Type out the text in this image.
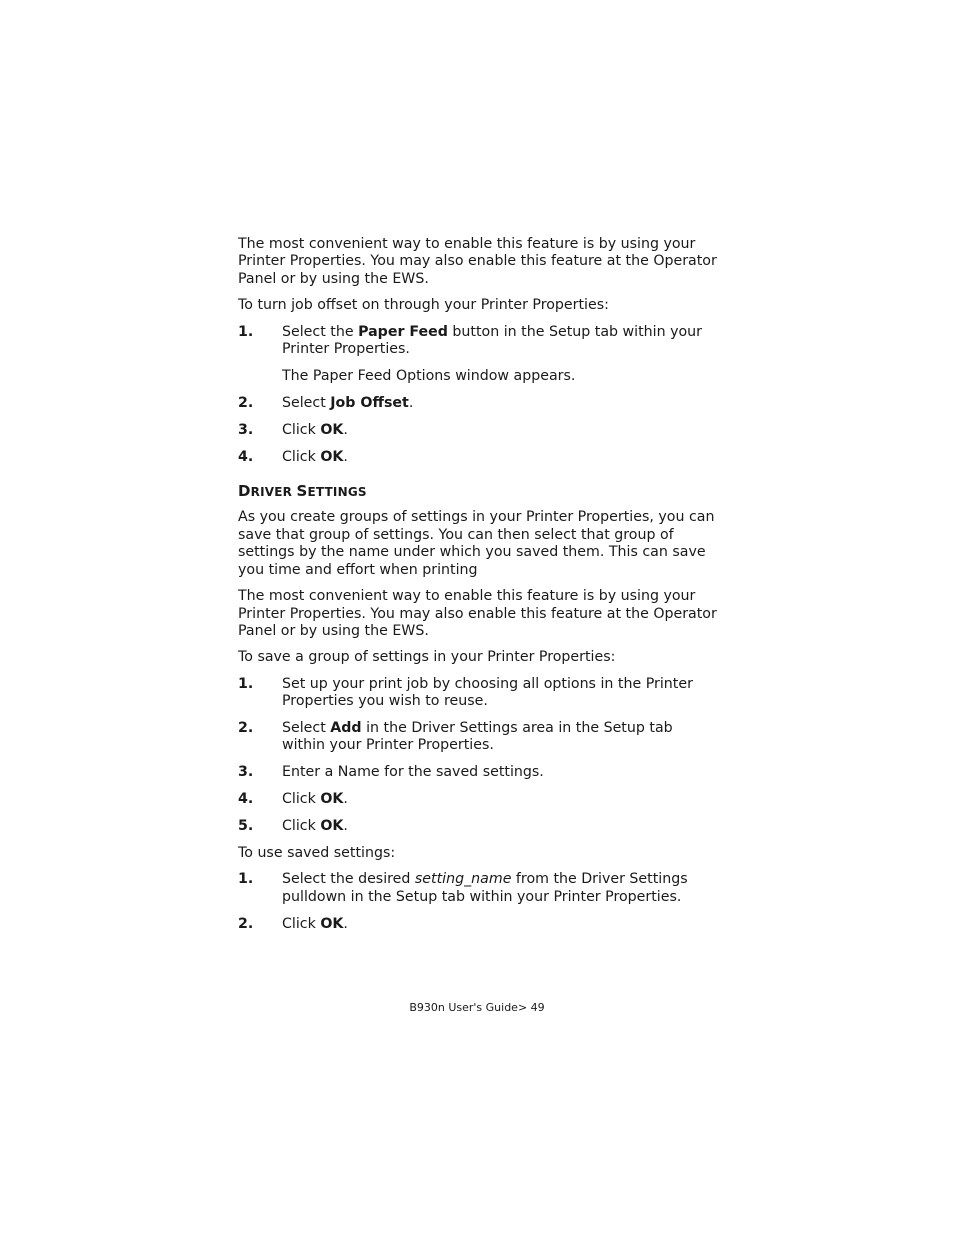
The most convenient way to enable this feature is by using your Printer Properties. You may also enable this feature at the Operator Panel or by using the EWS.

To turn job offset on through your Printer Properties:

1. Select the Paper Feed button in the Setup tab within your Printer Properties.

The Paper Feed Options window appears.

2. Select Job Offset.
3. Click OK.
4. Click OK.
DRIVER SETTINGS

As you create groups of settings in your Printer Properties, you can save that group of settings. You can then select that group of settings by the name under which you saved them. This can save you time and effort when printing

The most convenient way to enable this feature is by using your Printer Properties. You may also enable this feature at the Operator Panel or by using the EWS.

To save a group of settings in your Printer Properties:

1. Set up your print job by choosing all options in the Printer Properties you wish to reuse.
2. Select Add in the Driver Settings area in the Setup tab within your Printer Properties.
3. Enter a Name for the saved settings.
4. Click OK.
5. Click OK.

To use saved settings:

1. Select the desired setting_name from the Driver Settings pulldown in the Setup tab within your Printer Properties.
2. Click OK.
B930n User's Guide> 49
